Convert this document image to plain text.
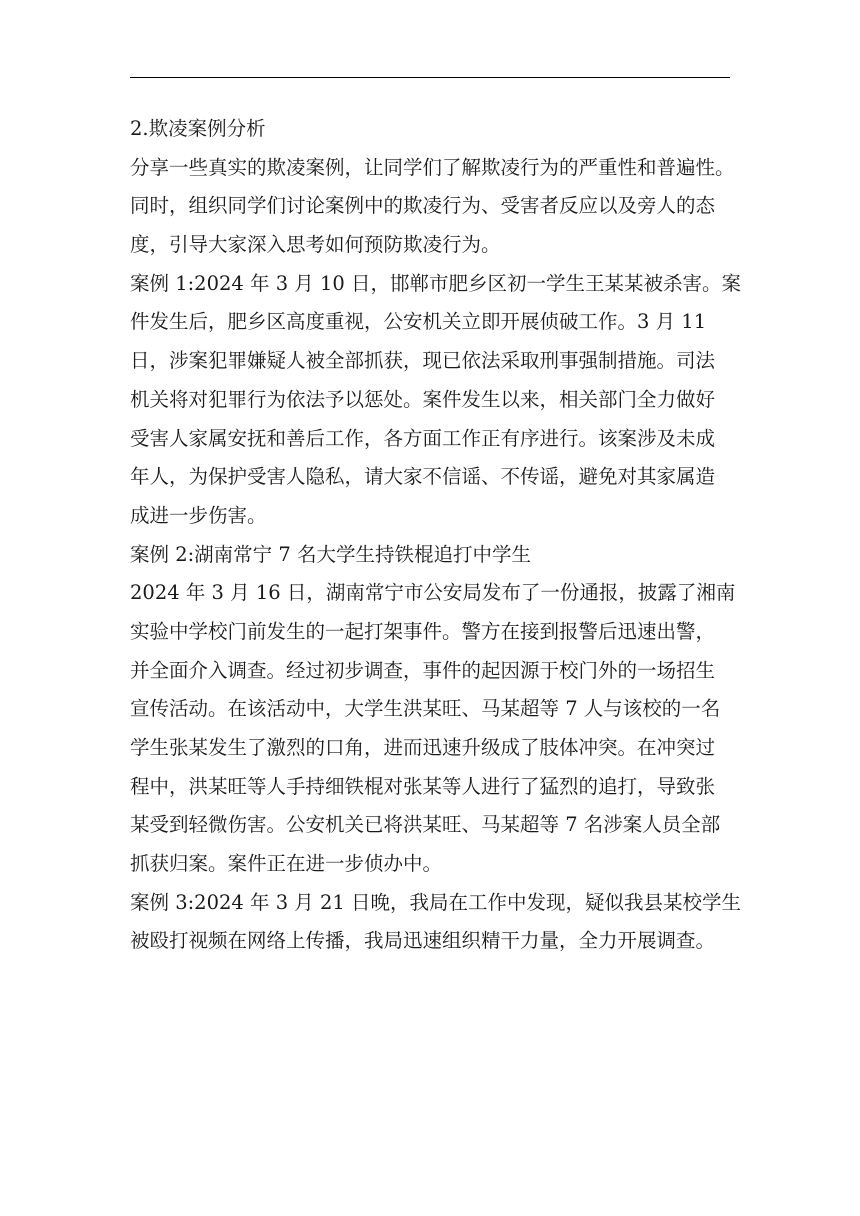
2.欺凌案例分析

分享一些真实的欺凌案例，让同学们了解欺凌行为的严重性和普遍性。
同时，组织同学们讨论案例中的欺凌行为、受害者反应以及旁人的态
度，引导大家深入思考如何预防欺凌行为。

案例 1:2024 年 3 月 10 日，邯郸市肥乡区初一学生王某某被杀害。案
件发生后，肥乡区高度重视，公安机关立即开展侦破工作。3 月 11
日，涉案犯罪嫌疑人被全部抓获，现已依法采取刑事强制措施。司法
机关将对犯罪行为依法予以惩处。案件发生以来，相关部门全力做好
受害人家属安抚和善后工作，各方面工作正有序进行。该案涉及未成
年人，为保护受害人隐私，请大家不信谣、不传谣，避免对其家属造
成进一步伤害。

案例 2:湖南常宁 7 名大学生持铁棍追打中学生

2024 年 3 月 16 日，湖南常宁市公安局发布了一份通报，披露了湘南
实验中学校门前发生的一起打架事件。警方在接到报警后迅速出警，
并全面介入调查。经过初步调查，事件的起因源于校门外的一场招生
宣传活动。在该活动中，大学生洪某旺、马某超等 7 人与该校的一名
学生张某发生了激烈的口角，进而迅速升级成了肢体冲突。在冲突过
程中，洪某旺等人手持细铁棍对张某等人进行了猛烈的追打，导致张
某受到轻微伤害。公安机关已将洪某旺、马某超等 7 名涉案人员全部
抓获归案。案件正在进一步侦办中。

案例 3:2024 年 3 月 21 日晚，我局在工作中发现，疑似我县某校学生
被殴打视频在网络上传播，我局迅速组织精干力量，全力开展调查。
